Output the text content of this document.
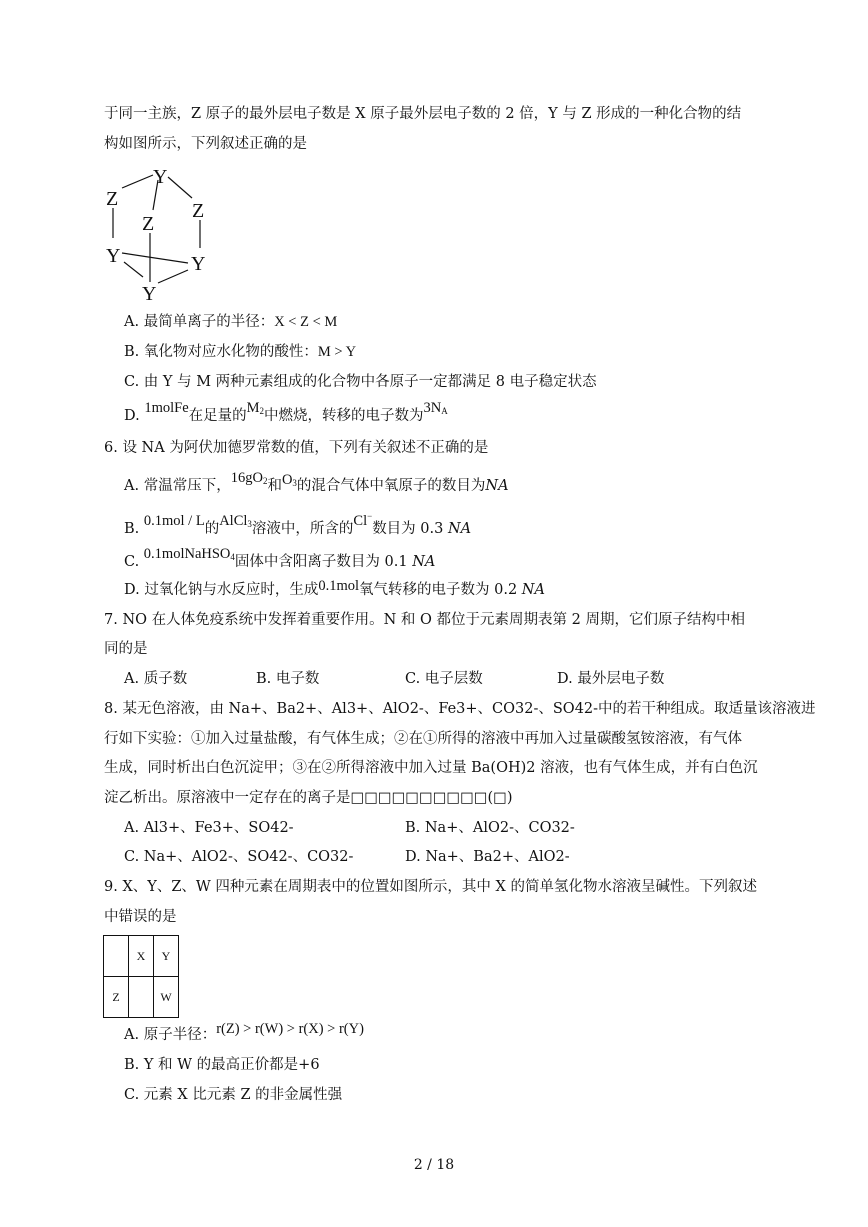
于同一主族，Z 原子的最外层电子数是 X 原子最外层电子数的 2 倍，Y 与 Z 形成的一种化合物的结
构如图所示，下列叙述正确的是
Y
Z
Z
Z
Y	Y
Y
A. 最简单离子的半径：X < Z < M
B. 氧化物对应水化物的酸性：M > Y
C. 由 Y 与 M 两种元素组成的化合物中各原子一定都满足 8 电子稳定状态
D. 1molFe在足量的$M_2$中燃烧，转移的电子数为$3N_A$
6. 设 NA 为阿伏加德罗常数的值，下列有关叙述不正确的是
A. 常温常压下，$16gO_2$和$O_3$的混合气体中氧原子的数目为NA
B. 0.1mol / L的AlCl$_3$溶液中，所含的Cl−数目为 0.3 NA
C. 0.1molNaHSO$_4$固体中含阳离子数目为 0.1 NA
D. 过氧化钠与水反应时，生成0.1mol氧气转移的电子数为 0.2 NA
7. NO 在人体免疫系统中发挥着重要作用。N 和 O 都位于元素周期表第 2 周期，它们原子结构中相
同的是
A. 质子数	B. 电子数	C. 电子层数	D. 最外层电子数
8. 某无色溶液，由 Na+、Ba2+、Al3+、AlO2-、Fe3+、CO32-、SO42-中的若干种组成。取适量该溶液进
行如下实验：①加入过量盐酸，有气体生成；②在①所得的溶液中再加入过量碳酸氢铵溶液，有气体
生成，同时析出白色沉淀甲；③在②所得溶液中加入过量 Ba(OH)2 溶液，也有气体生成，并有白色沉
淀乙析出。原溶液中一定存在的离子是□□□□□□□□□□(□)
A. Al3+、Fe3+、SO42-	B. Na+、AlO2-、CO32-
C. Na+、AlO2-、SO42-、CO32-	D. Na+、Ba2+、AlO2-
9. X、Y、Z、W 四种元素在周期表中的位置如图所示，其中 X 的简单氢化物水溶液呈碱性。下列叙述
中错误的是
	X	Y
Z		W
A. 原子半径：r(Z) > r(W) > r(X) > r(Y)
B. Y 和 W 的最高正价都是+6
C. 元素 X 比元素 Z 的非金属性强
2 / 18
